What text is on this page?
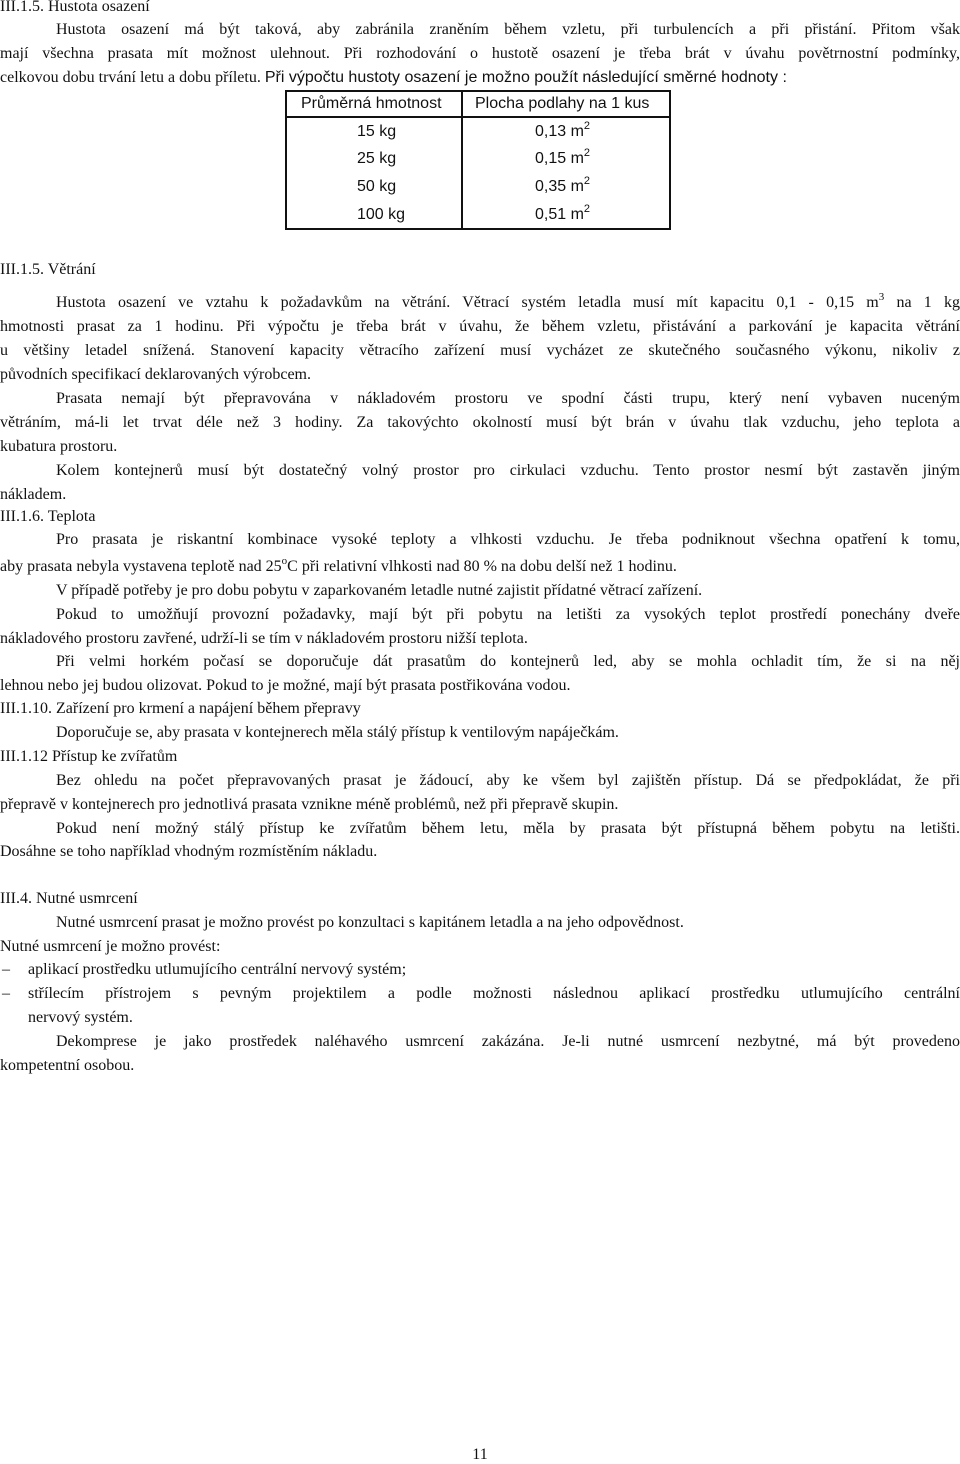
III.1.5. Hustota osazení
Hustota osazení má být taková, aby zabránila zraněním během vzletu, při turbulencích a při přistání. Přitom však
mají všechna prasata mít možnost ulehnout. Při rozhodování o hustotě osazení je třeba brát v úvahu povětrnostní podmínky,
celkovou dobu trvání letu a dobu příletu. Při výpočtu hustoty osazení je možno použít následující směrné hodnoty :
Průměrná hmotnost	Plocha podlahy na 1 kus
15 kg	0,13 $m^2$
25 kg	0,15 $m^2$
50 kg	0,35 $m^2$
100 kg	0,51 $m^2$
III.1.5. Větrání
Hustota osazení ve vztahu k požadavkům na větrání. Větrací systém letadla musí mít kapacitu 0,1 - 0,15 $m^3$ na 1 kg
hmotnosti prasat za 1 hodinu. Při výpočtu je třeba brát v úvahu, že během vzletu, přistávání a parkování je kapacita větrání
u většiny letadel snížená. Stanovení kapacity větracího zařízení musí vycházet ze skutečného současného výkonu, nikoliv z
původních specifikací deklarovaných výrobcem.
Prasata nemají být přepravována v nákladovém prostoru ve spodní části trupu, který není vybaven nuceným
větráním, má-li let trvat déle než 3 hodiny. Za takovýchto okolností musí být brán v úvahu tlak vzduchu, jeho teplota a
kubatura prostoru.
Kolem kontejnerů musí být dostatečný volný prostor pro cirkulaci vzduchu. Tento prostor nesmí být zastavěn jiným
nákladem.
III.1.6. Teplota
Pro prasata je riskantní kombinace vysoké teploty a vlhkosti vzduchu. Je třeba podniknout všechna opatření k tomu,
aby prasata nebyla vystavena teplotě nad 25$^o$C při relativní vlhkosti nad 80 % na dobu delší než 1 hodinu.
V případě potřeby je pro dobu pobytu v zaparkovaném letadle nutné zajistit přídatné větrací zařízení.
Pokud to umožňují provozní požadavky, mají být při pobytu na letišti za vysokých teplot prostředí ponechány dveře
nákladového prostoru zavřené, udrží-li se tím v nákladovém prostoru nižší teplota.
Při velmi horkém počasí se doporučuje dát prasatům do kontejnerů led, aby se mohla ochladit tím, že si na něj
lehnou nebo jej budou olizovat. Pokud to je možné, mají být prasata postřikována vodou.
III.1.10. Zařízení pro krmení a napájení během přepravy
Doporučuje se, aby prasata v kontejnerech měla stálý přístup k ventilovým napáječkám.
III.1.12 Přístup ke zvířatům
Bez ohledu na počet přepravovaných prasat je žádoucí, aby ke všem byl zajištěn přístup. Dá se předpokládat, že při
přepravě v kontejnerech pro jednotlivá prasata vznikne méně problémů, než při přepravě skupin.
Pokud není možný stálý přístup ke zvířatům během letu, měla by prasata být přístupná během pobytu na letišti.
Dosáhne se toho například vhodným rozmístěním nákladu.
III.4. Nutné usmrcení
Nutné usmrcení prasat je možno provést po konzultaci s kapitánem letadla a na jeho odpovědnost.
Nutné usmrcení je možno provést:
– aplikací prostředku utlumujícího centrální nervový systém;
– střílecím přístrojem s pevným projektilem a podle možnosti následnou aplikací prostředku utlumujícího centrální
nervový systém.
Dekomprese je jako prostředek naléhavého usmrcení zakázána. Je-li nutné usmrcení nezbytné, má být provedeno
kompetentní osobou.
11
